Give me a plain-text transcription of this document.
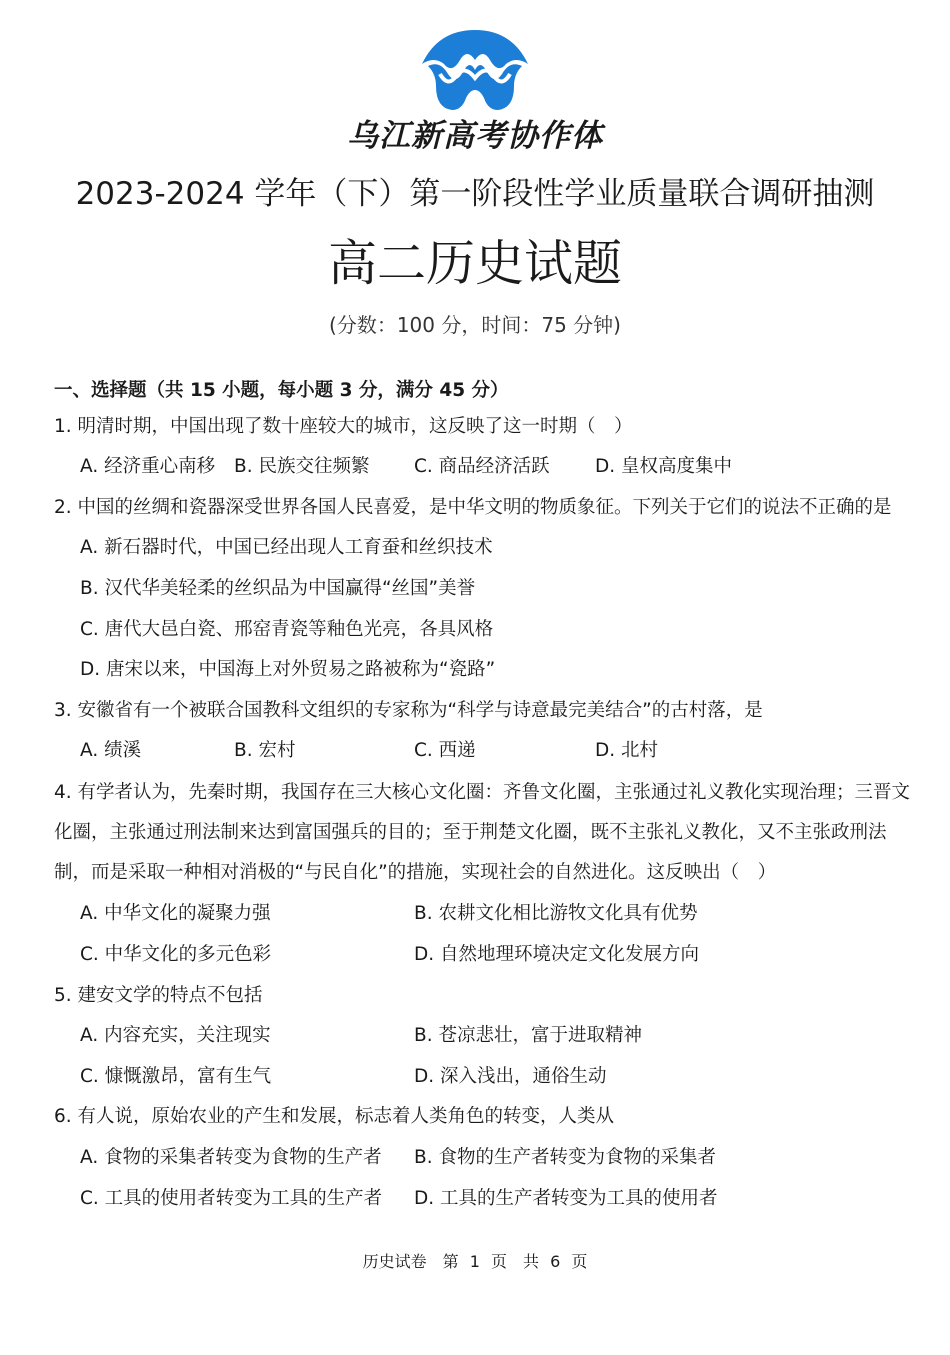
乌江新高考协作体
2023-2024 学年（下）第一阶段性学业质量联合调研抽测
高二历史试题
(分数：100 分，时间：75 分钟)
一、选择题（共 15 小题，每小题 3 分，满分 45 分）
1. 明清时期，中国出现了数十座较大的城市，这反映了这一时期（　）
A. 经济重心南移 B. 民族交往频繁 C. 商品经济活跃 D. 皇权高度集中
2. 中国的丝绸和瓷器深受世界各国人民喜爱，是中华文明的物质象征。下列关于它们的说法不正确的是
A. 新石器时代，中国已经出现人工育蚕和丝织技术
B. 汉代华美轻柔的丝织品为中国赢得“丝国”美誉
C. 唐代大邑白瓷、邢窑青瓷等釉色光亮，各具风格
D. 唐宋以来，中国海上对外贸易之路被称为“瓷路”
3. 安徽省有一个被联合国教科文组织的专家称为“科学与诗意最完美结合”的古村落，是
A. 绩溪	B. 宏村	C. 西递	D. 北村
4. 有学者认为，先秦时期，我国存在三大核心文化圈：齐鲁文化圈，主张通过礼义教化实现治理；三晋文
化圈，主张通过刑法制来达到富国强兵的目的；至于荆楚文化圈，既不主张礼义教化，又不主张政刑法
制，而是采取一种相对消极的“与民自化”的措施，实现社会的自然进化。这反映出（　）
A. 中华文化的凝聚力强	B. 农耕文化相比游牧文化具有优势
C. 中华文化的多元色彩	D. 自然地理环境决定文化发展方向
5. 建安文学的特点不包括
A. 内容充实，关注现实	B. 苍凉悲壮，富于进取精神
C. 慷慨激昂，富有生气	D. 深入浅出，通俗生动
6. 有人说，原始农业的产生和发展，标志着人类角色的转变，人类从
A. 食物的采集者转变为食物的生产者 B. 食物的生产者转变为食物的采集者
C. 工具的使用者转变为工具的生产者 D. 工具的生产者转变为工具的使用者
历史试卷　第 1 页　共 6 页
